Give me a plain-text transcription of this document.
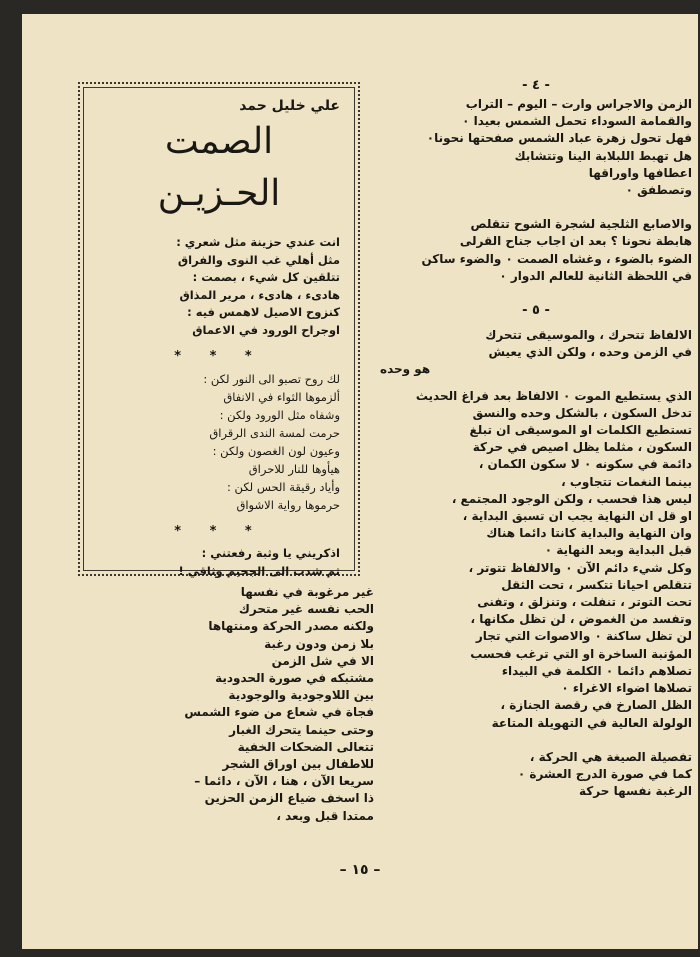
- ٤ -
الزمن والاجراس وارت – اليوم – التراب
والقمامة السوداء تحمل الشمس بعيدا ٠
فهل تحول زهرة عباد الشمس صفحتها نحونا٠
هل تهبط اللبلابة الينا وتتشابك
اعطافها واوراقها
وتصطفق ٠
والاصابع الثلجية لشجرة الشوح تتقلص
هابطة نحونا ؟ بعد ان اجاب جناح القرلى
الضوء بالضوء ، وغشاه الصمت ٠ والضوء ساكن
في اللحظة الثانية للعالم الدوار ٠
- ٥ -
الالفاظ تتحرك ، والموسيقى تتحرك
في الزمن وحده ، ولكن الذي يعيش
هو وحده
الذي يستطيع الموت ٠ الالفاظ بعد فراغ الحديث
تدخل السكون ، بالشكل وحده والنسق
تستطيع الكلمات او الموسيقى ان تبلغ
السكون ، مثلما يظل اصيص في حركة
دائمة في سكونه ٠ لا سكون الكمان ،
بينما النغمات تتجاوب ،
ليس هذا فحسب ، ولكن الوجود المجتمع ،
او قل ان النهاية يجب ان تسبق البداية ،
وان النهاية والبداية كانتا دائما هناك
قبل البداية وبعد النهاية ٠
وكل شيء دائم الآن ٠ والالفاظ تتوتر ،
تتقلص احيانا تتكسر ، تحت الثقل
تحت التوتر ، تنفلت ، وتنزلق ، وتفنى
وتفسد من الغموض ، لن تظل مكانها ،
لن تظل ساكنة ٠ والاصوات التي تجار
المؤنبة الساخرة او التي ترغب فحسب
تصلاهم دائما ٠ الكلمة في البيداء
تصلاها اضواء الاغراء ٠
الظل الصارخ في رقصة الجنازة ،
الولولة العالية في التهويلة المتاعة
تفصيلة الصيغة هي الحركة ،
كما في صورة الدرج العشرة ٠
الرغبة نفسها حركة
علي خليل حمد
الصمت الحـزيـن
انت عندي حزينة مثل شعري :
مثل أهلي غب النوى والفراق
تتلقين كل شيء ، بصمت :
هادىء ، هادىء ، مرير المذاق
كنزوح الاصيل لاهمس فيه :
اوجراح الورود في الاعماق
* * *
لك روح تصبو الى النور لكن :
ألزموها الثواء في الانفاق
وشفاه مثل الورود ولكن :
حرمت لمسة الندى الرقراق
وعيون لون الغصون ولكن :
هيأوها للنار للاحراق
وأياد رقيقة الحس لكن :
حرموها رواية الاشواق
* * *
اذكريني يا وثبة رفعتني :
ثم شدت الى الجحيم وثاقي !
غير مرغوبة في نفسها
الحب نفسه غير متحرك
ولكنه مصدر الحركة ومنتهاها
بلا زمن ودون رغبة
الا في شل الزمن
مشتبكه في صورة الحدودية
بين اللاوجودية والوجودية
فجاة في شعاع من ضوء الشمس
وحتى حينما يتحرك الغبار
تتعالى الضحكات الخفية
للاطفال بين اوراق الشجر
سريعا الآن ، هنا ، الآن ، دائما –
ذا اسخف ضياع الزمن الحزين
ممتدا قبل وبعد ،
– ١٥ –
